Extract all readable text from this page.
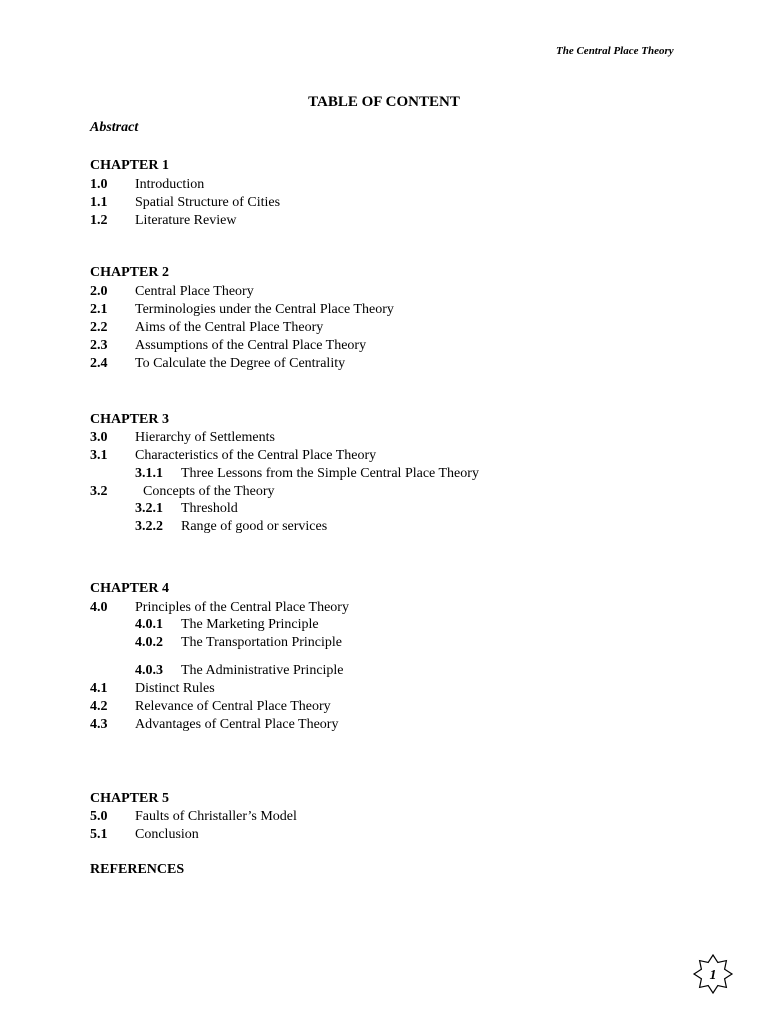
The Central Place Theory
TABLE OF CONTENT
Abstract
CHAPTER 1
1.0 Introduction
1.1 Spatial Structure of Cities
1.2 Literature Review
CHAPTER 2
2.0 Central Place Theory
2.1 Terminologies under the Central Place Theory
2.2 Aims of the Central Place Theory
2.3 Assumptions of the Central Place Theory
2.4 To Calculate the Degree of Centrality
CHAPTER 3
3.0 Hierarchy of Settlements
3.1 Characteristics of the Central Place Theory
3.1.1 Three Lessons from the Simple Central Place Theory
3.2	Concepts of the Theory
3.2.1 Threshold
3.2.2 Range of good or services
CHAPTER 4
4.0 Principles of the Central Place Theory
4.0.1 The Marketing Principle
4.0.2 The Transportation Principle
4.0.3 The Administrative Principle
4.1 Distinct Rules
4.2 Relevance of Central Place Theory
4.3 Advantages of Central Place Theory
CHAPTER 5
5.0 Faults of Christaller’s Model
5.1 Conclusion
REFERENCES
1
